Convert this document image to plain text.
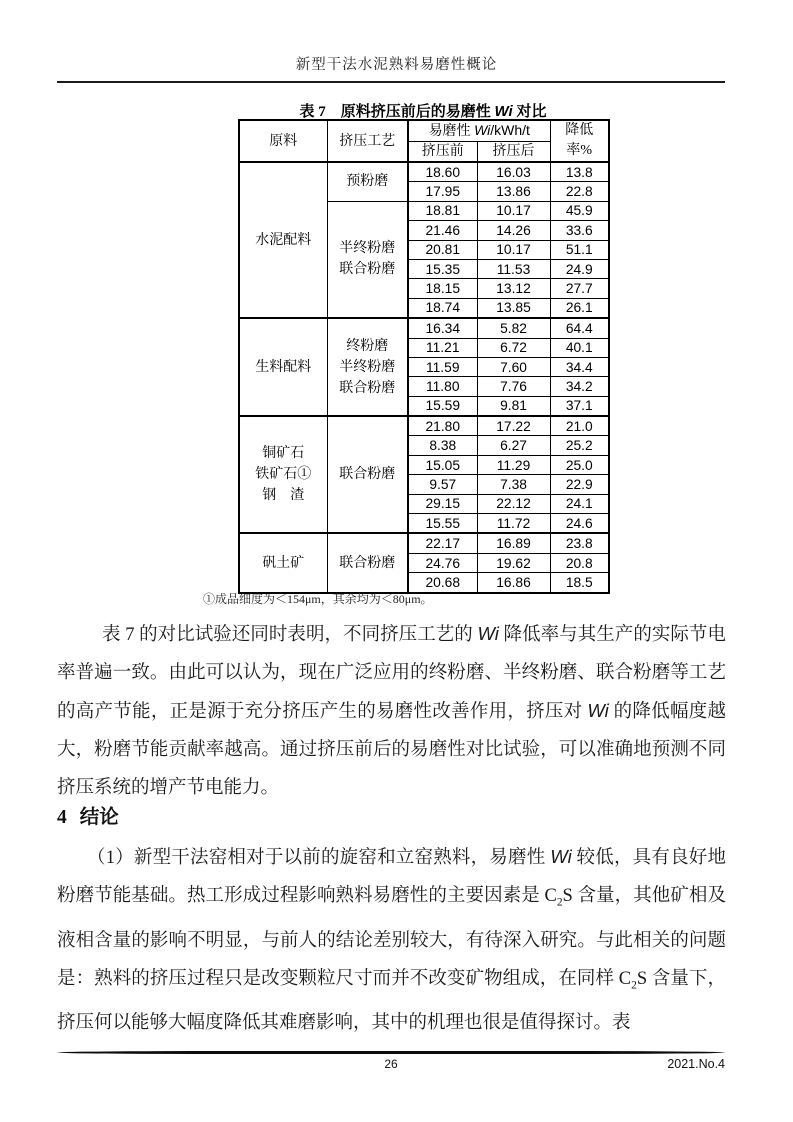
新型干法水泥熟料易磨性概论
表 7　原料挤压前后的易磨性 Wi 对比
原料	挤压工艺	易磨性 Wi/kWh/t		降低
率%

		挤压前	挤压后	

水泥配料	预粉磨	18.60	16.03	13.8
		17.95	13.86	22.8

	半终粉磨
联合粉磨	18.81	10.17	45.9
		21.46	14.26	33.6
		20.81	10.17	51.1
		15.35	11.53	24.9
		18.15	13.12	27.7
		18.74	13.85	26.1

生料配料	终粉磨
半终粉磨
联合粉磨	16.34	5.82	64.4
		11.21	6.72	40.1
		11.59	7.60	34.4
		11.80	7.76	34.2
		15.59	9.81	37.1

铜矿石
铁矿石①
钢　渣	联合粉磨	21.80	17.22	21.0
		8.38	6.27	25.2
		15.05	11.29	25.0
		9.57	7.38	22.9
		29.15	22.12	24.1
		15.55	11.72	24.6

矾土矿	联合粉磨	22.17	16.89	23.8
		24.76	19.62	20.8
		20.68	16.86	18.5
①成品细度为＜154μm，其余均为＜80μm。

表 7 的对比试验还同时表明，不同挤压工艺的 Wi 降低率与其生产的实际节电率普遍一致。由此可以认为，现在广泛应用的终粉磨、半终粉磨、联合粉磨等工艺的高产节能，正是源于充分挤压产生的易磨性改善作用，挤压对 Wi 的降低幅度越大，粉磨节能贡献率越高。通过挤压前后的易磨性对比试验，可以准确地预测不同挤压系统的增产节电能力。

4 结论

（1）新型干法窑相对于以前的旋窑和立窑熟料，易磨性 Wi 较低，具有良好地粉磨节能基础。热工形成过程影响熟料易磨性的主要因素是 $C_2S$ 含量，其他矿相及液相含量的影响不明显，与前人的结论差别较大，有待深入研究。与此相关的问题是：熟料的挤压过程只是改变颗粒尺寸而并不改变矿物组成，在同样 $C_2S$ 含量下，挤压何以能够大幅度降低其难磨影响，其中的机理也很是值得探讨。表

26	2021.No.4
